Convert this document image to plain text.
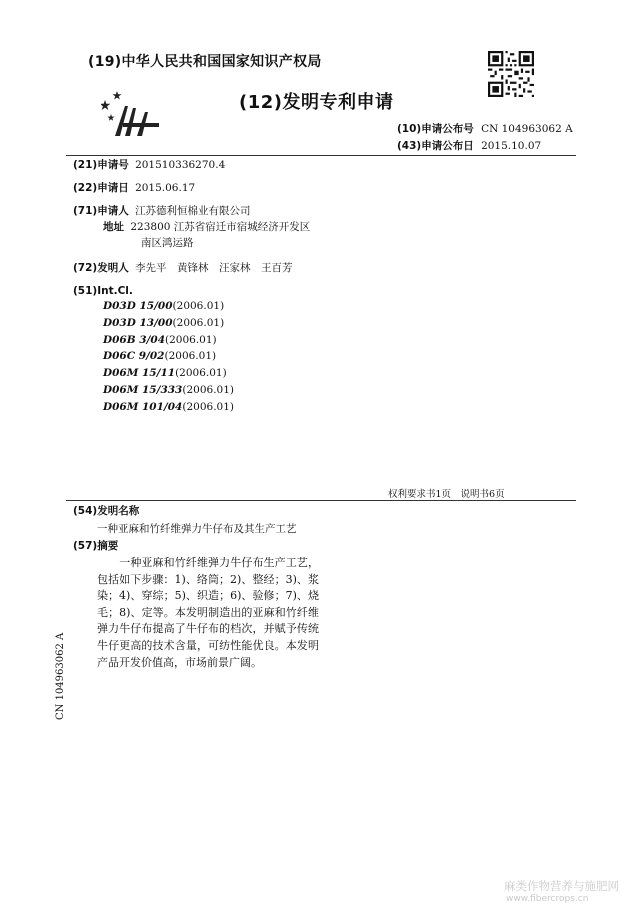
(19)中华人民共和国国家知识产权局
(12)发明专利申请
(10)申请公布号 CN 104963062 A
(43)申请公布日 2015.10.07
(21)申请号 201510336270.4
(22)申请日 2015.06.17
(71)申请人 江苏德利恒棉业有限公司
地址 223800 江苏省宿迁市宿城经济开发区
南区鸿运路
(72)发明人 李先平　黄锋林　汪家林　王百芳
(51)Int.Cl.
D03D 15/00(2006.01)
D03D 13/00(2006.01)
D06B 3/04(2006.01)
D06C 9/02(2006.01)
D06M 15/11(2006.01)
D06M 15/333(2006.01)
D06M 101/04(2006.01)
权利要求书1页　说明书6页
(54)发明名称
一种亚麻和竹纤维弹力牛仔布及其生产工艺
(57)摘要
　　一种亚麻和竹纤维弹力牛仔布生产工艺，包括如下步骤：1)、络筒；2)、整经；3)、浆染；4)、穿综；5)、织造；6)、验修；7)、烧毛；8)、定等。本发明制造出的亚麻和竹纤维弹力牛仔布提高了牛仔布的档次，并赋予传统牛仔更高的技术含量，可纺性能优良。本发明产品开发价值高，市场前景广阔。
CN 104963062 A
麻类作物营养与施肥网
www.fibercrops.cn
